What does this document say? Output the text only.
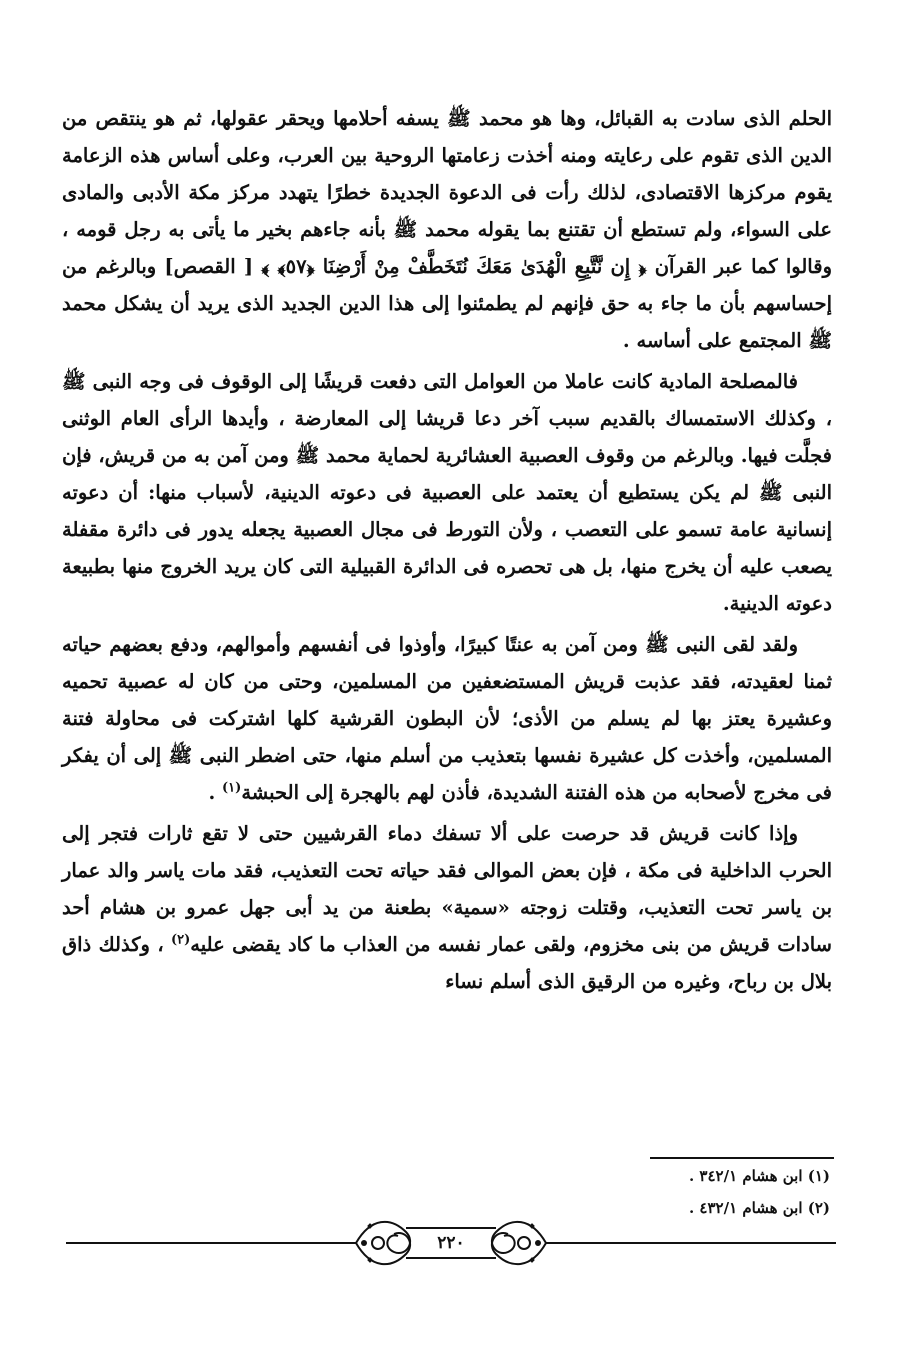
الحلم الذى سادت به القبائل، وها هو محمد ﷺ يسفه أحلامها ويحقر عقولها، ثم هو ينتقص من الدين الذى تقوم على رعايته ومنه أخذت زعامتها الروحية بين العرب، وعلى أساس هذه الزعامة يقوم مركزها الاقتصادى، لذلك رأت فى الدعوة الجديدة خطرًا يتهدد مركز مكة الأدبى والمادى على السواء، ولم تستطع أن تقتنع بما يقوله محمد ﷺ بأنه جاءهم بخير ما يأتى به رجل قومه ، وقالوا كما عبر القرآن ﴿ إِن نَّتَّبِعِ الْهُدَىٰ مَعَكَ نُتَخَطَّفْ مِنْ أَرْضِنَا ﴿٥٧﴾ ﴾ [ القصص] وبالرغم من إحساسهم بأن ما جاء به حق فإنهم لم يطمئنوا إلى هذا الدين الجديد الذى يريد أن يشكل محمد ﷺ المجتمع على أساسه .

فالمصلحة المادية كانت عاملا من العوامل التى دفعت قريشًا إلى الوقوف فى وجه النبى ﷺ ، وكذلك الاستمساك بالقديم سبب آخر دعا قريشا إلى المعارضة ، وأيدها الرأى العام الوثنى فجلَّت فيها. وبالرغم من وقوف العصبية العشائرية لحماية محمد ﷺ ومن آمن به من قريش، فإن النبى ﷺ لم يكن يستطيع أن يعتمد على العصبية فى دعوته الدينية، لأسباب منها: أن دعوته إنسانية عامة تسمو على التعصب ، ولأن التورط فى مجال العصبية يجعله يدور فى دائرة مقفلة يصعب عليه أن يخرج منها، بل هى تحصره فى الدائرة القبيلية التى كان يريد الخروج منها بطبيعة دعوته الدينية.

ولقد لقى النبى ﷺ ومن آمن به عنتًا كبيرًا، وأوذوا فى أنفسهم وأموالهم، ودفع بعضهم حياته ثمنا لعقيدته، فقد عذبت قريش المستضعفين من المسلمين، وحتى من كان له عصبية تحميه وعشيرة يعتز بها لم يسلم من الأذى؛ لأن البطون القرشية كلها اشتركت فى محاولة فتنة المسلمين، وأخذت كل عشيرة نفسها بتعذيب من أسلم منها، حتى اضطر النبى ﷺ إلى أن يفكر فى مخرج لأصحابه من هذه الفتنة الشديدة، فأذن لهم بالهجرة إلى الحبشة$^{(١)}$ .

وإذا كانت قريش قد حرصت على ألا تسفك دماء القرشيين حتى لا تقع ثارات فتجر إلى الحرب الداخلية فى مكة ، فإن بعض الموالى فقد حياته تحت التعذيب، فقد مات ياسر والد عمار بن ياسر تحت التعذيب، وقتلت زوجته «سمية» بطعنة من يد أبى جهل عمرو بن هشام أحد سادات قريش من بنى مخزوم، ولقى عمار نفسه من العذاب ما كاد يقضى عليه$^{(٢)}$ ، وكذلك ذاق بلال بن رباح، وغيره من الرقيق الذى أسلم نساء

(١) ابن هشام ٣٤٢/١ .

(٢) ابن هشام ٤٣٢/١ .

٢٢٠
